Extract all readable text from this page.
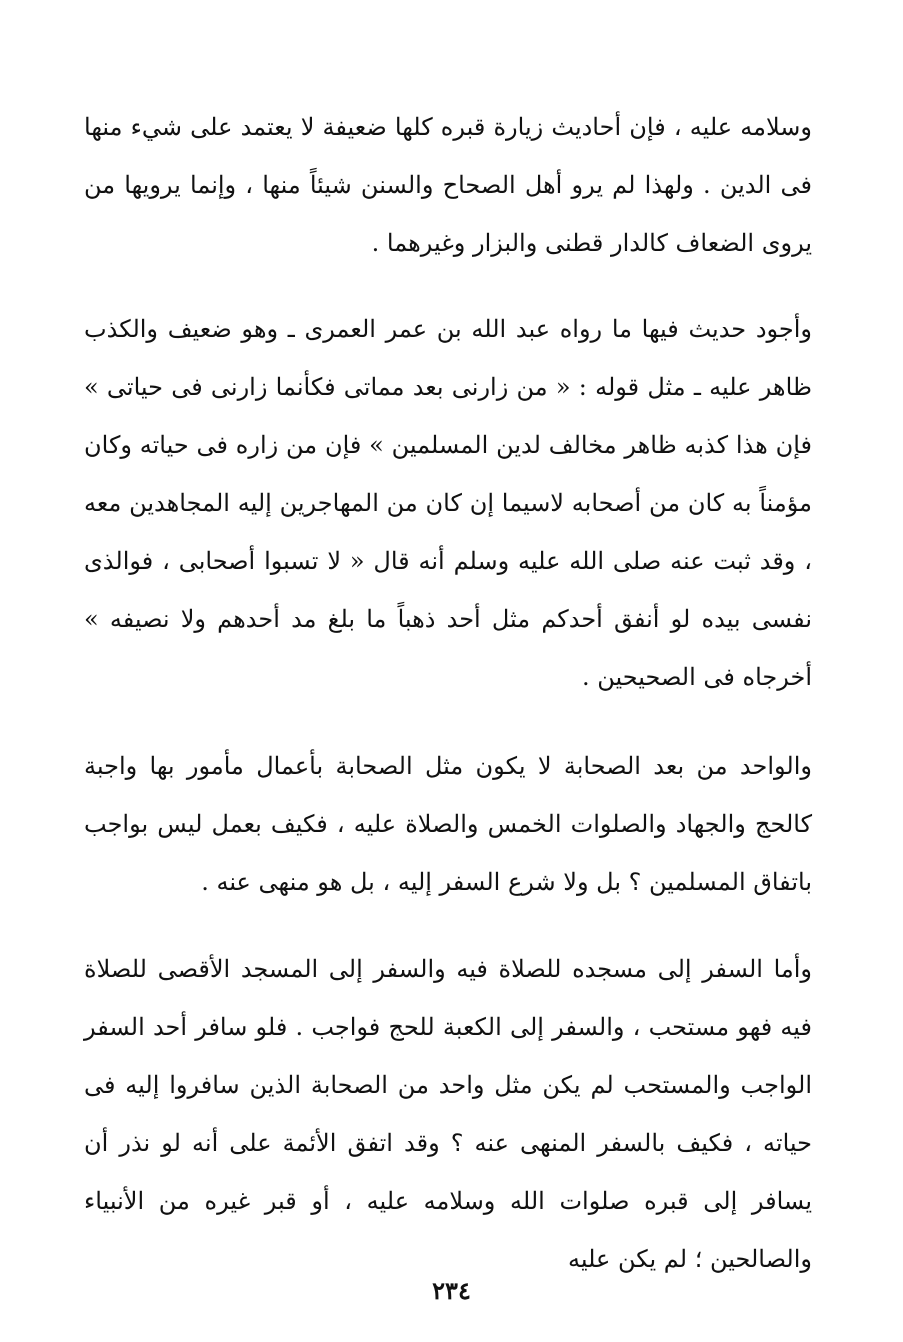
وسلامه عليه ، فإن أحاديث زيارة قبره كلها ضعيفة لا يعتمد على شيء منها فى الدين . ولهذا لم يرو أهل الصحاح والسنن شيئاً منها ، وإنما يرويها من يروى الضعاف كالدار قطنى والبزار وغيرهما .

وأجود حديث فيها ما رواه عبد الله بن عمر العمرى ـ وهو ضعيف والكذب ظاهر عليه ـ مثل قوله : « من زارنى بعد مماتى فكأنما زارنى فى حياتى » فإن هذا كذبه ظاهر مخالف لدين المسلمين » فإن من زاره فى حياته وكان مؤمناً به كان من أصحابه لاسيما إن كان من المهاجرين إليه المجاهدين معه ، وقد ثبت عنه صلى الله عليه وسلم أنه قال « لا تسبوا أصحابى ، فوالذى نفسى بيده لو أنفق أحدكم مثل أحد ذهباً ما بلغ مد أحدهم ولا نصيفه » أخرجاه فى الصحيحين .

والواحد من بعد الصحابة لا يكون مثل الصحابة بأعمال مأمور بها واجبة كالحج والجهاد والصلوات الخمس والصلاة عليه ، فكيف بعمل ليس بواجب باتفاق المسلمين ؟ بل ولا شرع السفر إليه ، بل هو منهى عنه .

وأما السفر إلى مسجده للصلاة فيه والسفر إلى المسجد الأقصى للصلاة فيه فهو مستحب ، والسفر إلى الكعبة للحج فواجب . فلو سافر أحد السفر الواجب والمستحب لم يكن مثل واحد من الصحابة الذين سافروا إليه فى حياته ، فكيف بالسفر المنهى عنه ؟ وقد اتفق الأئمة على أنه لو نذر أن يسافر إلى قبره صلوات الله وسلامه عليه ، أو قبر غيره من الأنبياء والصالحين ؛ لم يكن عليه

٢٣٤
